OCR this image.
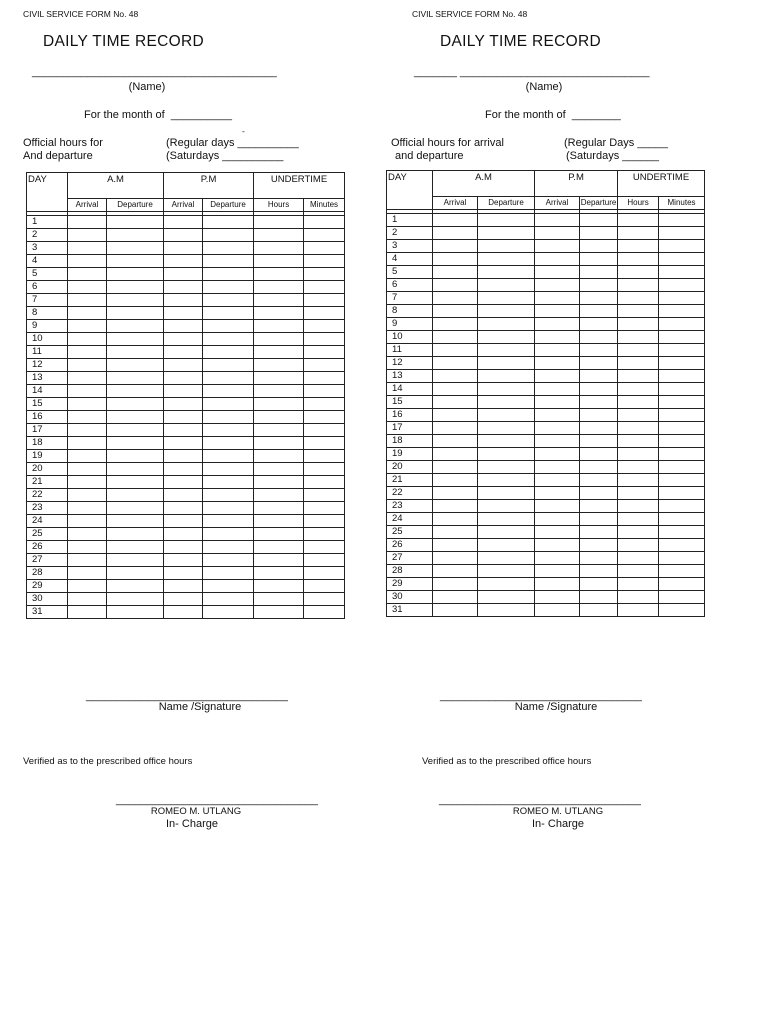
CIVIL SERVICE FORM No. 48
DAILY TIME RECORD
________________________________________
(Name)
For the month of __________
-
Official hours for
And departure
(Regular days __________
(Saturdays __________
DAY	A.M		P.M		UNDERTIME	
	Arrival	Departure	Arrival	Departure	Hours	Minutes

1						
2						
3						
4						
5						
6						
7						
8						
9						
10						
11						
12						
13						
14						
15						
16						
17						
18						
19						
20						
21						
22						
23						
24						
25						
26						
27						
28						
29						
30						
31						
_________________________________
Name /Signature
Verified as to the prescribed office hours
_________________________________
ROMEO M. UTLANG
In- Charge
CIVIL SERVICE FORM No. 48
DAILY TIME RECORD
_______ _______________________________
(Name)
For the month of ________
Official hours for arrival
and departure
(Regular Days _____
(Saturdays ______
DAY	A.M		P.M		UNDERTIME	
	Arrival	Departure	Arrival	Departure	Hours	Minutes

1						
2						
3						
4						
5						
6						
7						
8						
9						
10						
11						
12						
13						
14						
15						
16						
17						
18						
19						
20						
21						
22						
23						
24						
25						
26						
27						
28						
29						
30						
31						
_________________________________
Name /Signature
Verified as to the prescribed office hours
_________________________________
ROMEO M. UTLANG
In- Charge
